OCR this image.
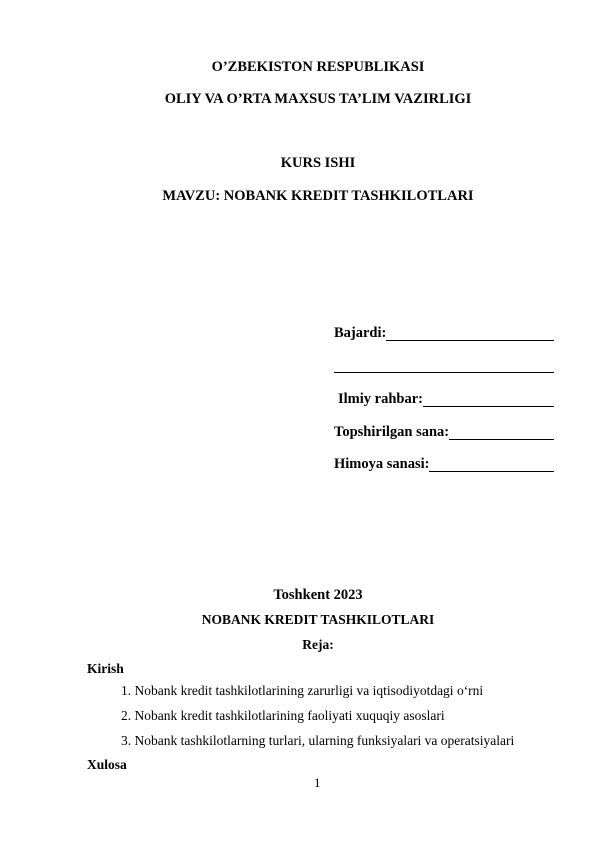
O’ZBEKISTON RESPUBLIKASI
OLIY VA O’RTA MAXSUS TA’LIM VAZIRLIGI
KURS ISHI
MAVZU: NOBANK KREDIT TASHKILOTLARI
Bajardi:
Ilmiy rahbar:
Topshirilgan sana:
Himoya sanasi:
Toshkent 2023
NOBANK KREDIT TASHKILOTLARI
Reja:
Kirish
1. Nobank kredit tashkilotlarining zarurligi va iqtisodiyotdagi o‘rni
2. Nobank kredit tashkilotlarining faoliyati xuquqiy asoslari
3. Nobank tashkilotlarning turlari, ularning funksiyalari va operatsiyalari
Xulosa
1
